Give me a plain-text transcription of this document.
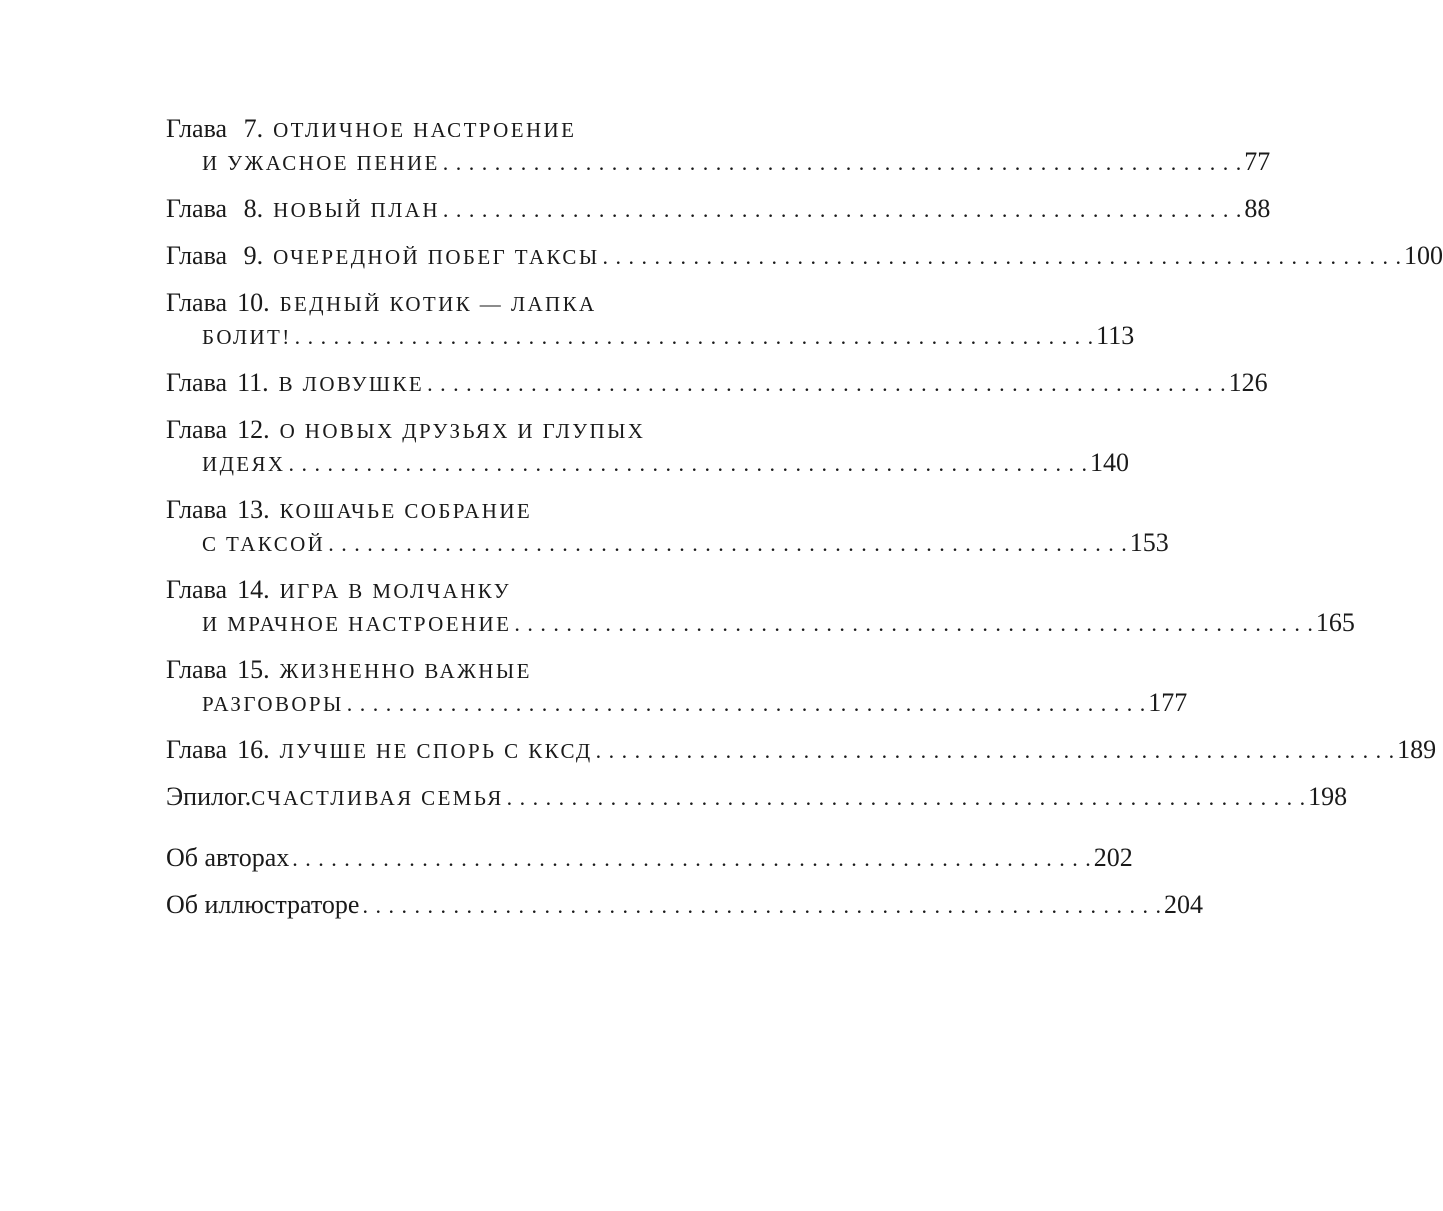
Глава 7. ОТЛИЧНОЕ НАСТРОЕНИЕ
И УЖАСНОЕ ПЕНИЕ . . .	77
Глава 8. НОВЫЙ ПЛАН . . .	88
Глава 9. ОЧЕРЕДНОЙ ПОБЕГ ТАКСЫ . . .	100
Глава 10. БЕДНЫЙ КОТИК — ЛАПКА
БОЛИТ! . . .	113
Глава 11. В ЛОВУШКЕ . . .	126
Глава 12. О НОВЫХ ДРУЗЬЯХ И ГЛУПЫХ
ИДЕЯХ . . .	140
Глава 13. КОШАЧЬЕ СОБРАНИЕ
С ТАКСОЙ . . .	153
Глава 14. ИГРА В МОЛЧАНКУ
И МРАЧНОЕ НАСТРОЕНИЕ . . .	165
Глава 15. ЖИЗНЕННО ВАЖНЫЕ
РАЗГОВОРЫ . . .	177
Глава 16. ЛУЧШЕ НЕ СПОРЬ С ККСД . . .	189
Эпилог. СЧАСТЛИВАЯ СЕМЬЯ . . .	198
Об авторах . . .	202
Об иллюстраторе . . .	204
